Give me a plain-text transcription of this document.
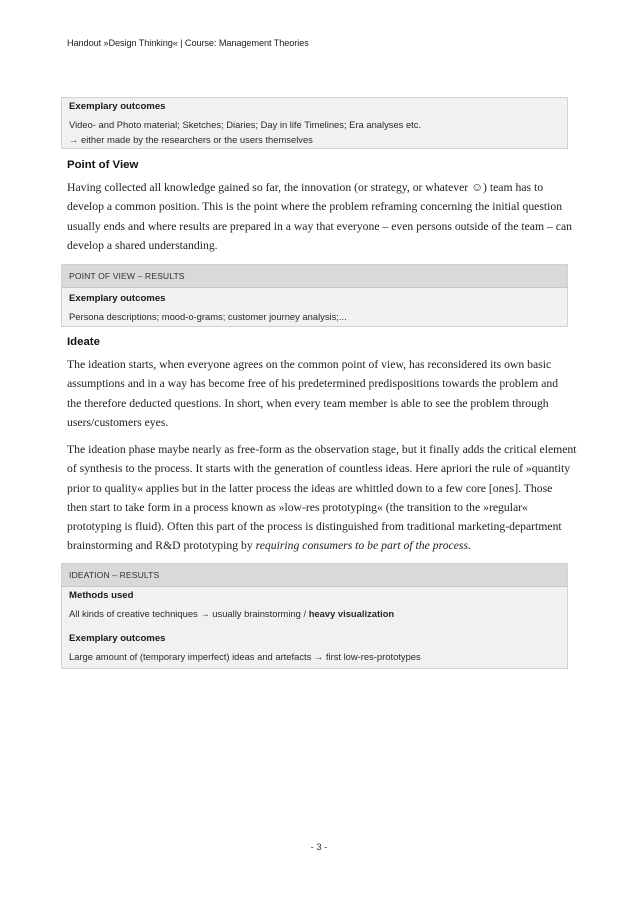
Handout »Design Thinking« | Course: Management Theories
Exemplary outcomes
Video- and Photo material; Sketches; Diaries; Day in life Timelines; Era analyses etc.
→ either made by the researchers or the users themselves
Point of View

Having collected all knowledge gained so far, the innovation (or strategy, or whatever ☺) team has to
develop a common position. This is the point where the problem reframing concerning the initial question
usually ends and where results are prepared in a way that everyone – even persons outside of the team – can
develop a shared understanding.

POINT OF VIEW – RESULTS
Exemplary outcomes
Persona descriptions; mood-o-grams; customer journey analysis;...
Ideate

The ideation starts, when everyone agrees on the common point of view, has reconsidered its own basic
assumptions and in a way has become free of his predetermined predispositions towards the problem and
the therefore deducted questions. In short, when every team member is able to see the problem through
users/customers eyes.

The ideation phase maybe nearly as free-form as the observation stage, but it finally adds the critical element
of synthesis to the process. It starts with the generation of countless ideas. Here apriori the rule of »quantity
prior to quality« applies but in the latter process the ideas are whittled down to a few core [ones]. Those
then start to take form in a process known as »low-res prototyping« (the transition to the »regular«
prototyping is fluid). Often this part of the process is distinguished from traditional marketing-department
brainstorming and R&D prototyping by requiring consumers to be part of the process.

IDEATION – RESULTS
Methods used
All kinds of creative techniques → usually brainstorming / heavy visualization
Exemplary outcomes
Large amount of (temporary imperfect) ideas and artefacts → first low-res-prototypes
- 3 -
